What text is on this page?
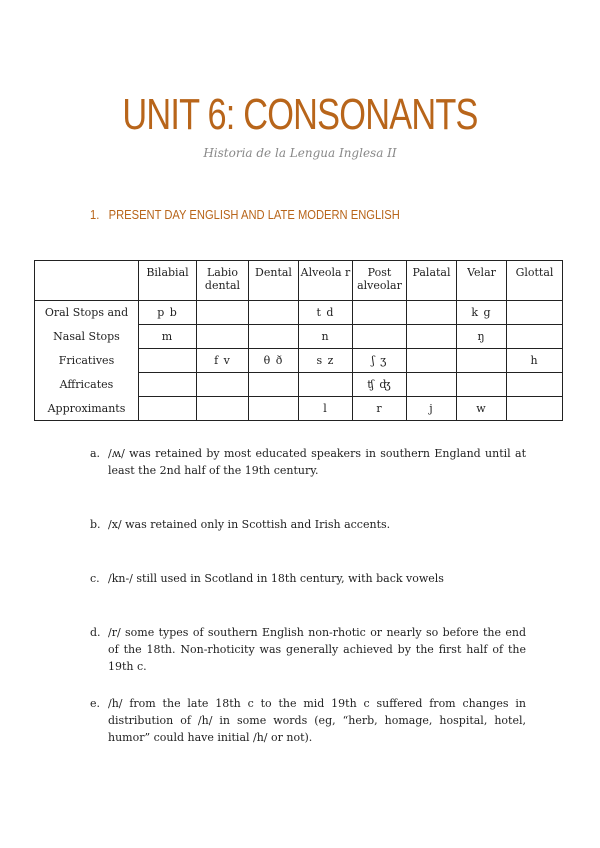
UNIT 6: CONSONANTS
Historia de la Lengua Inglesa II
1. PRESENT DAY ENGLISH AND LATE MODERN ENGLISH
	Bilabial	Labio dental	Dental	Alveola r	Post alveolar	Palatal	Velar	Glottal
Oral Stops and	p b			t d			k g	
Nasal Stops	m			n			ŋ	
Fricatives		f v	θ ð	s z	ʃ ʒ			h
Affricates					ʧ ʤ			
Approximants				l	r	j	w	
a. /ʍ/ was retained by most educated speakers in southern England until at least the 2nd half of the 19th century.
b. /x/ was retained only in Scottish and Irish accents.
c. /kn-/ still used in Scotland in 18th century, with back vowels
d. /r/ some types of southern English non-rhotic or nearly so before the end of the 18th. Non-rhoticity was generally achieved by the first half of the 19th c.
e. /h/ from the late 18th c to the mid 19th c suffered from changes in distribution of /h/ in some words (eg, “herb, homage, hospital, hotel, humor” could have initial /h/ or not).
